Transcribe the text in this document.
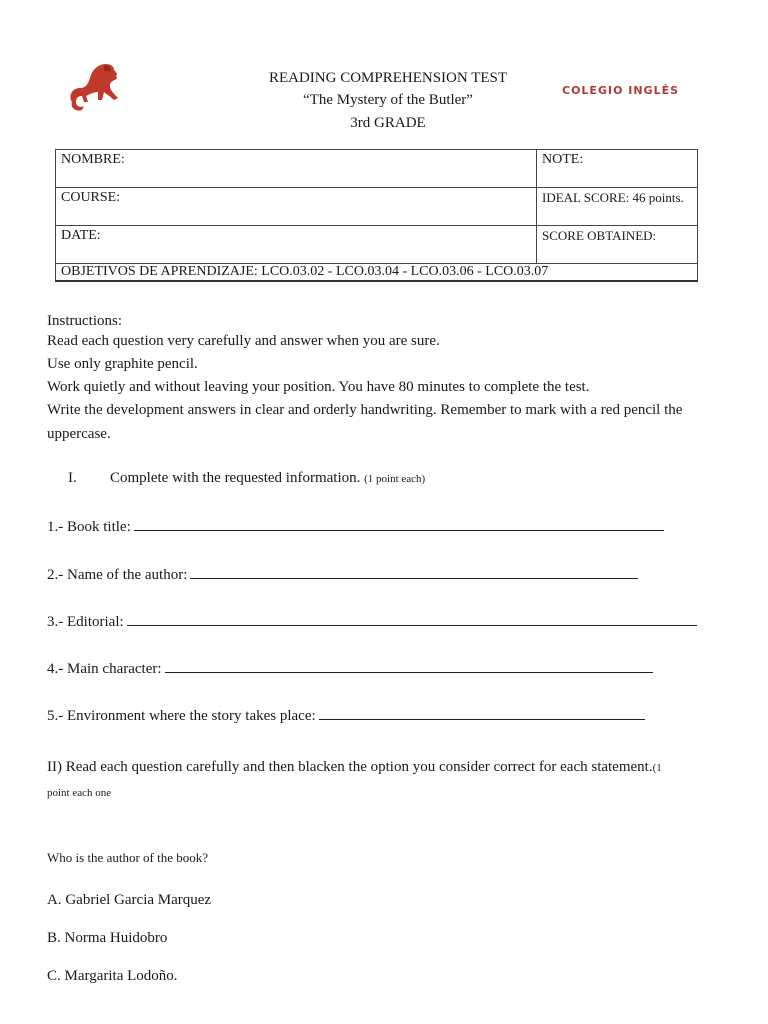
COLEGIO INGLÉS
READING COMPREHENSION TEST
“The Mystery of the Butler”
3rd GRADE
NOMBRE:	NOTE:
COURSE:	IDEAL SCORE: 46 points.
DATE:	SCORE OBTAINED:
OBJETIVOS DE APRENDIZAJE: LCO.03.02 - LCO.03.04 - LCO.03.06 - LCO.03.07	
Instructions:
Read each question very carefully and answer when you are sure.
Use only graphite pencil.
Work quietly and without leaving your position. You have 80 minutes to complete the test.
Write the development answers in clear and orderly handwriting. Remember to mark with a red pencil the uppercase.
I. Complete with the requested information. (1 point each)
1.- Book title:
2.- Name of the author:
3.- Editorial:
4.- Main character:
5.- Environment where the story takes place:
II) Read each question carefully and then blacken the option you consider correct for each statement.(1 point each one
Who is the author of the book?
A. Gabriel Garcia Marquez
B. Norma Huidobro
C. Margarita Lodoño.
